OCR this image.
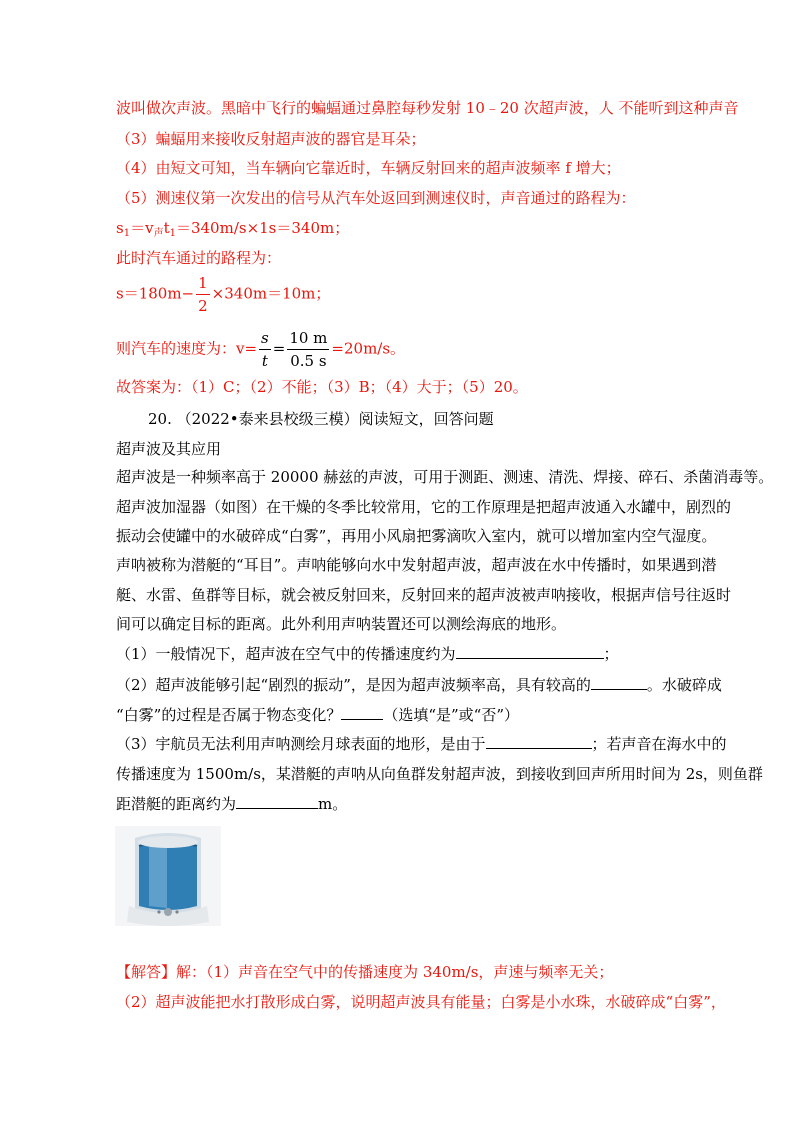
波叫做次声波。黑暗中飞行的蝙蝠通过鼻腔每秒发射 10﹣20 次超声波，人 不能听到这种声音
（3）蝙蝠用来接收反射超声波的器官是耳朵；
（4）由短文可知，当车辆向它靠近时，车辆反射回来的超声波频率 f 增大；
（5）测速仪第一次发出的信号从汽车处返回到测速仪时，声音通过的路程为：
$s_1=v_声t_1=340m/s\times 1s=340m$；
此时汽车通过的路程为：
$s=180m- \frac{1}{2} \times 340m=10m$；
则汽车的速度为：$v= \frac{s}{t} = \frac{10 m}{0.5 s} =20m/s$。
故答案为：（1）C；（2）不能；（3）B；（4）大于；（5）20。
20. （2022•泰来县校级三模）阅读短文，回答问题
超声波及其应用
超声波是一种频率高于 20000 赫兹的声波，可用于测距、测速、清洗、焊接、碎石、杀菌消毒等。
超声波加湿器（如图）在干燥的冬季比较常用，它的工作原理是把超声波通入水罐中，剧烈的
振动会使罐中的水破碎成“白雾”，再用小风扇把雾滴吹入室内，就可以增加室内空气湿度。
声呐被称为潜艇的“耳目”。声呐能够向水中发射超声波，超声波在水中传播时，如果遇到潜
艇、水雷、鱼群等目标，就会被反射回来，反射回来的超声波被声呐接收，根据声信号往返时
间可以确定目标的距离。此外利用声呐装置还可以测绘海底的地形。
（1）一般情况下，超声波在空气中的传播速度约为	；
（2）超声波能够引起“剧烈的振动”，是因为超声波频率高，具有较高的	。水破碎成
“白雾”的过程是否属于物态变化？	（选填“是”或“否”）
（3）宇航员无法利用声呐测绘月球表面的地形，是由于	；若声音在海水中的
传播速度为 1500m/s，某潜艇的声呐从向鱼群发射超声波，到接收到回声所用时间为 2s，则鱼群
距潜艇的距离约为	m。
【解答】解：（1）声音在空气中的传播速度为 340m/s，声速与频率无关；
（2）超声波能把水打散形成白雾，说明超声波具有能量；白雾是小水珠，水破碎成“白雾”，
